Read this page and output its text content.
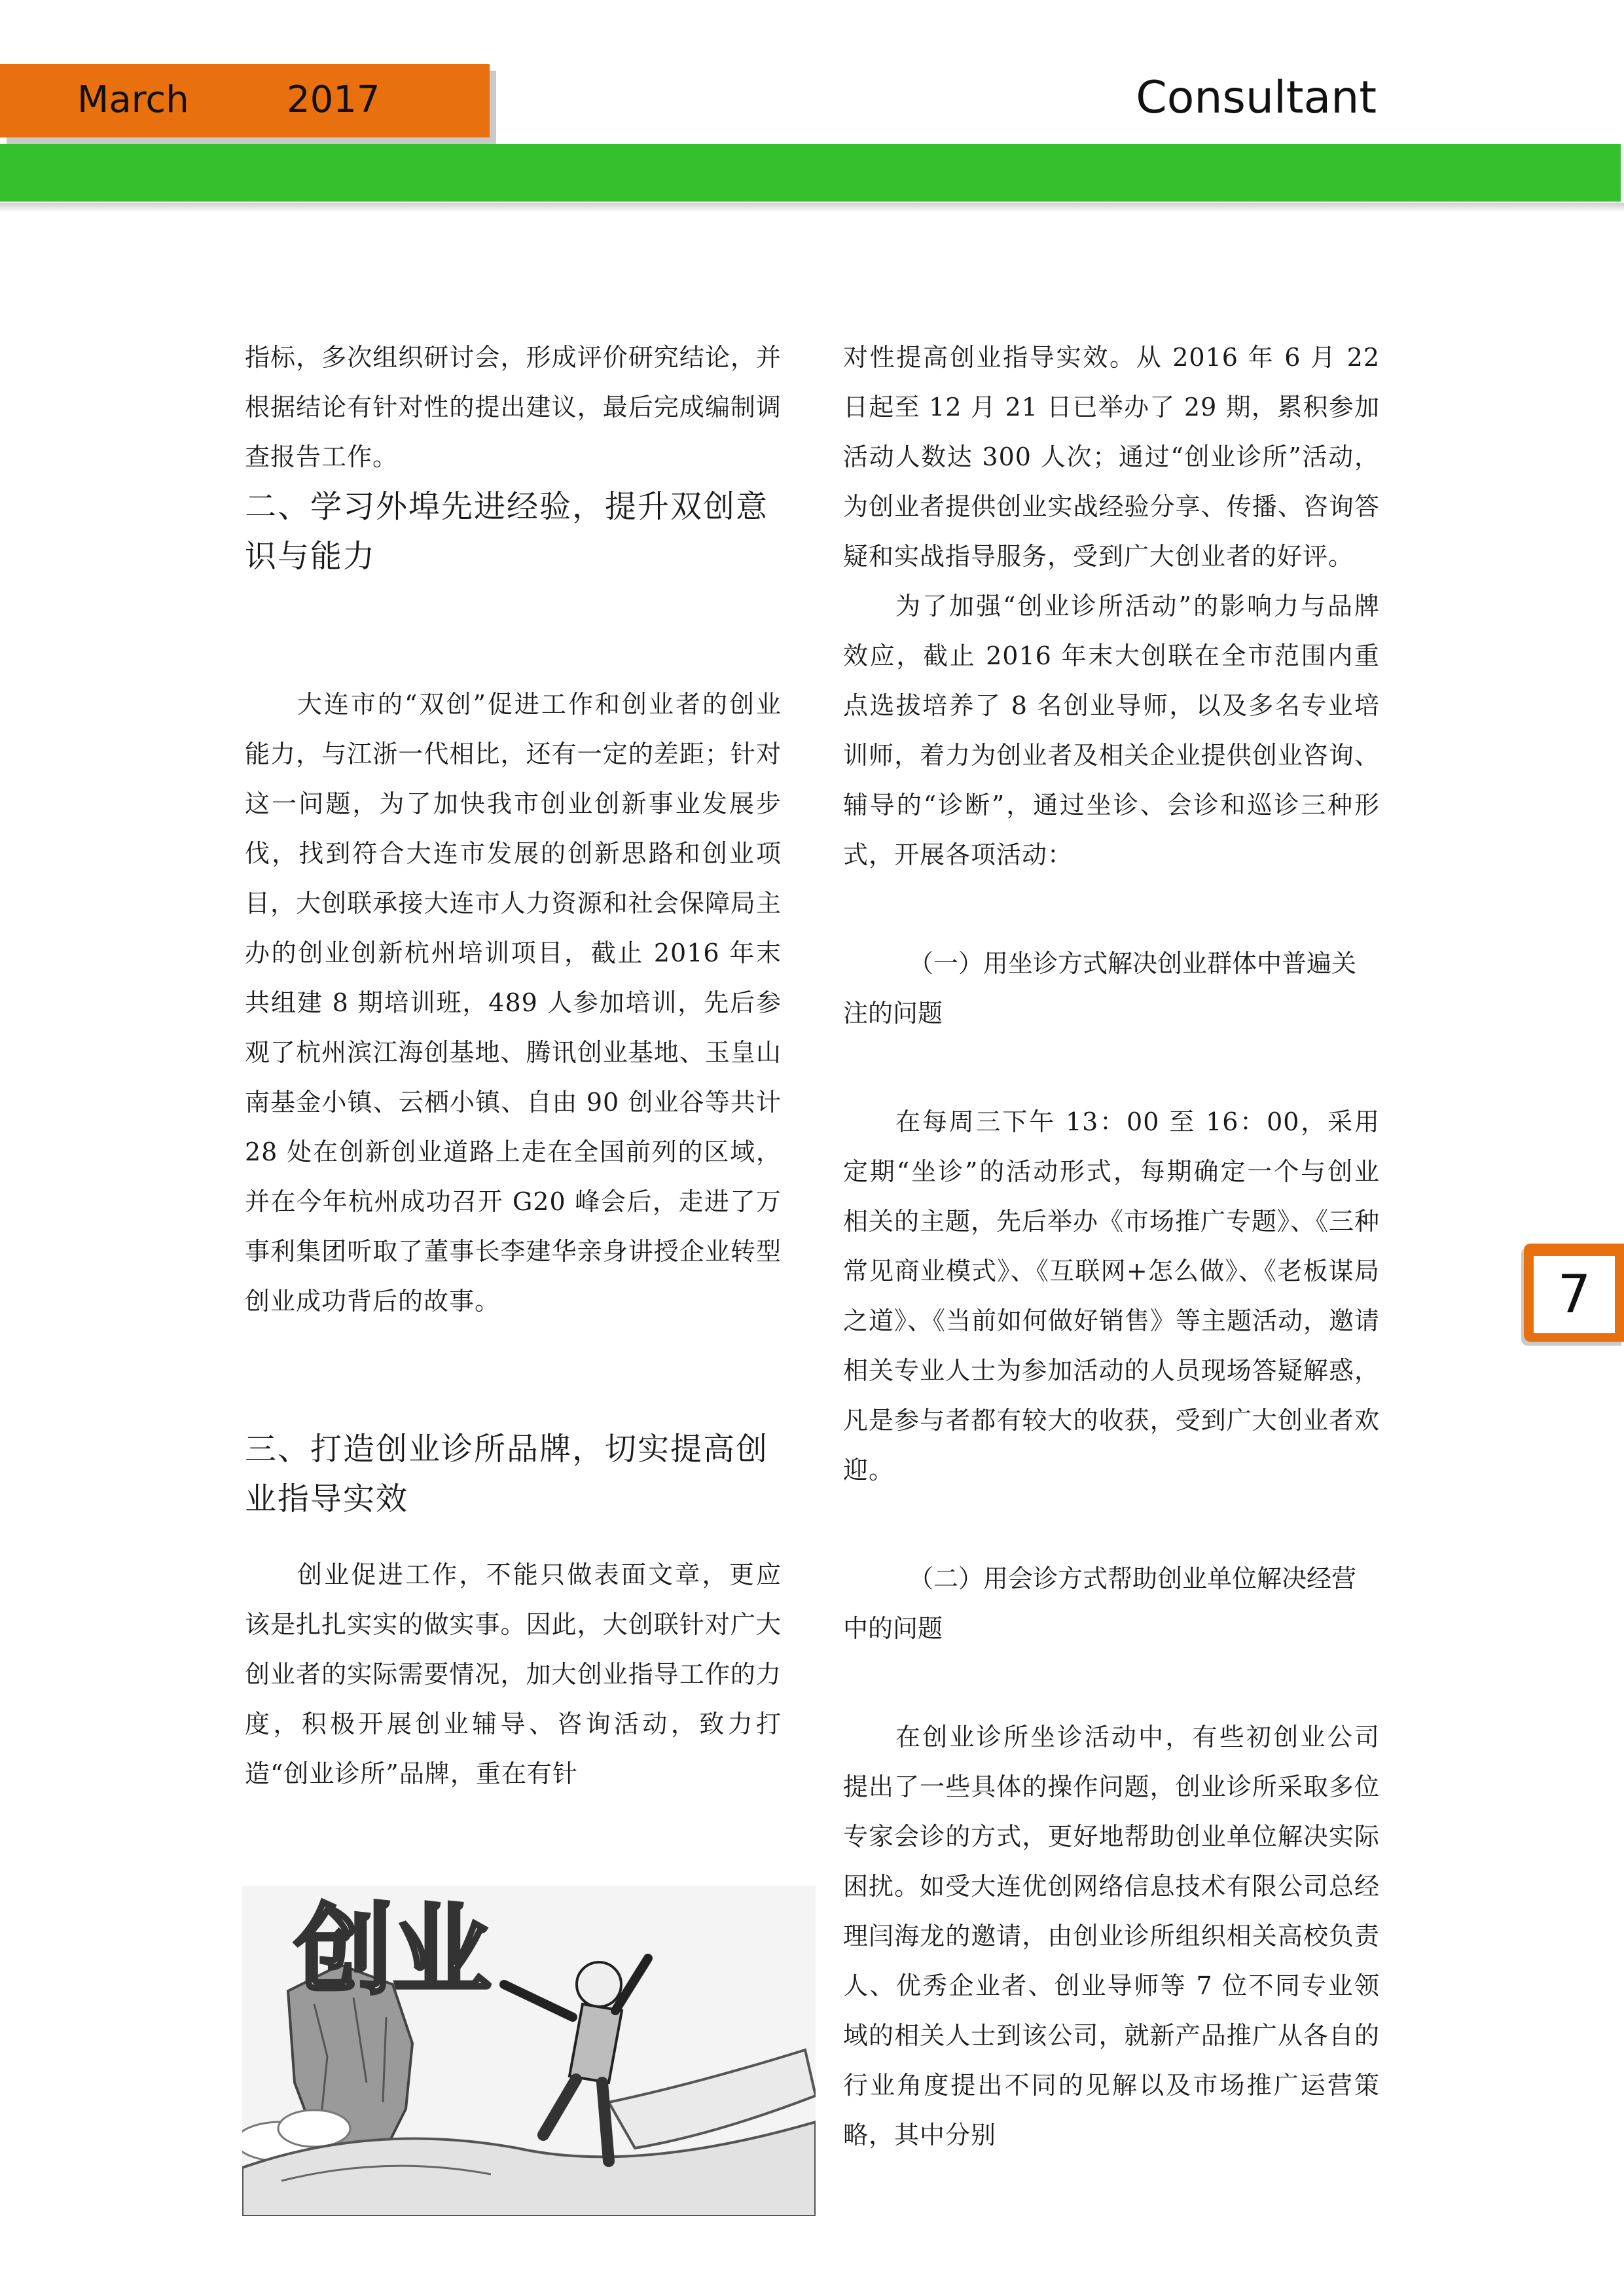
March	2017	Consultant
7

指标，多次组织研讨会，形成评价研究结论，并根据结论有针对性的提出建议，最后完成编制调查报告工作。

二、学习外埠先进经验，提升双创意识与能力

大连市的“双创”促进工作和创业者的创业能力，与江浙一代相比，还有一定的差距；针对这一问题，为了加快我市创业创新事业发展步伐，找到符合大连市发展的创新思路和创业项目，大创联承接大连市人力资源和社会保障局主办的创业创新杭州培训项目，截止 2016 年末共组建 8 期培训班，489 人参加培训，先后参观了杭州滨江海创基地、腾讯创业基地、玉皇山南基金小镇、云栖小镇、自由 90 创业谷等共计 28 处在创新创业道路上走在全国前列的区域，并在今年杭州成功召开 G20 峰会后，走进了万事利集团听取了董事长李建华亲身讲授企业转型创业成功背后的故事。

三、打造创业诊所品牌，切实提高创业指导实效

创业促进工作，不能只做表面文章，更应该是扎扎实实的做实事。因此，大创联针对广大创业者的实际需要情况，加大创业指导工作的力度，积极开展创业辅导、咨询活动，致力打造“创业诊所”品牌，重在有针

创业

对性提高创业指导实效。从 2016 年 6 月 22 日起至 12 月 21 日已举办了 29 期，累积参加活动人数达 300 人次；通过“创业诊所”活动，为创业者提供创业实战经验分享、传播、咨询答疑和实战指导服务，受到广大创业者的好评。

为了加强“创业诊所活动”的影响力与品牌效应，截止 2016 年末大创联在全市范围内重点选拔培养了 8 名创业导师，以及多名专业培训师，着力为创业者及相关企业提供创业咨询、辅导的“诊断”，通过坐诊、会诊和巡诊三种形式，开展各项活动：

（一）用坐诊方式解决创业群体中普遍关注的问题

在每周三下午 13：00 至 16：00，采用定期“坐诊”的活动形式，每期确定一个与创业相关的主题，先后举办《市场推广专题》、《三种常见商业模式》、《互联网+怎么做》、《老板谋局之道》、《当前如何做好销售》等主题活动，邀请相关专业人士为参加活动的人员现场答疑解惑，凡是参与者都有较大的收获，受到广大创业者欢迎。

（二）用会诊方式帮助创业单位解决经营中的问题

在创业诊所坐诊活动中，有些初创业公司提出了一些具体的操作问题，创业诊所采取多位专家会诊的方式，更好地帮助创业单位解决实际困扰。如受大连优创网络信息技术有限公司总经理闫海龙的邀请，由创业诊所组织相关高校负责人、优秀企业者、创业导师等 7 位不同专业领域的相关人士到该公司，就新产品推广从各自的行业角度提出不同的见解以及市场推广运营策略，其中分别
